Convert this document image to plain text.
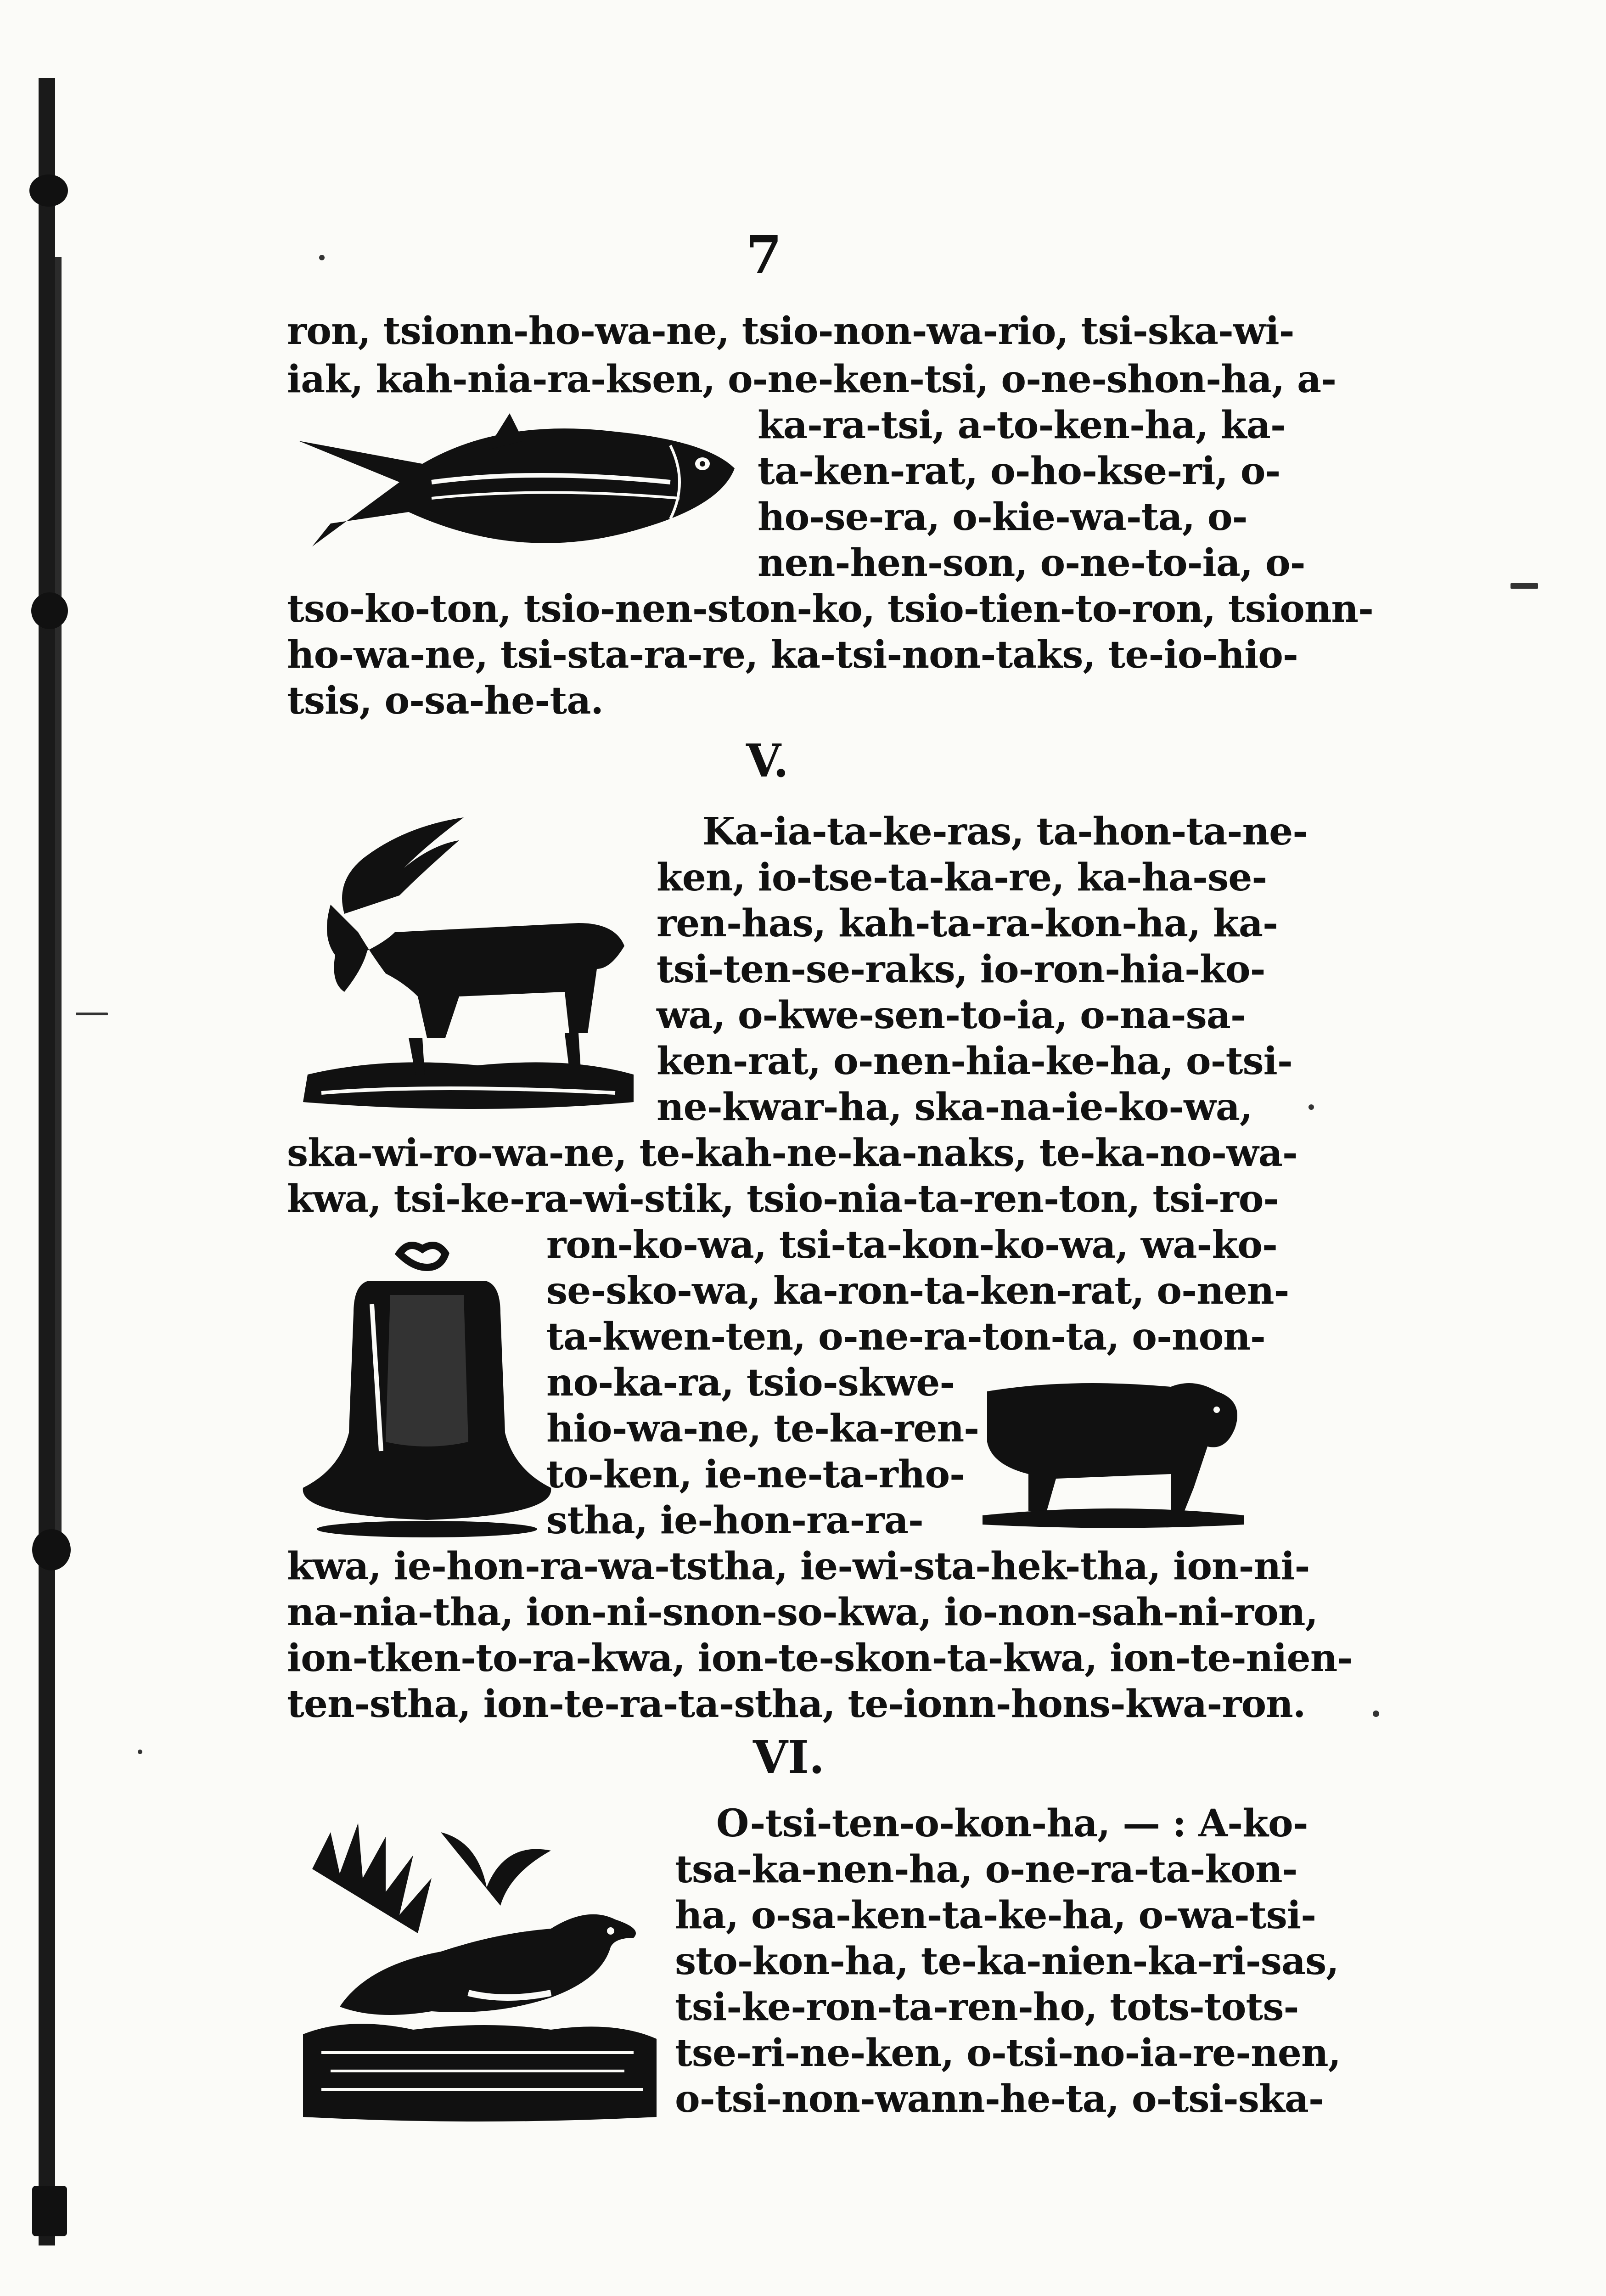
7
ron, tsionn-ho-wa-ne, tsio-non-wa-rio, tsi-ska-wi-
iak, kah-nia-ra-ksen, o-ne-ken-tsi, o-ne-shon-ha, a-
ka-ra-tsi, a-to-ken-ha, ka-
ta-ken-rat, o-ho-kse-ri, o-
ho-se-ra, o-kie-wa-ta, o-
nen-hen-son, o-ne-to-ia, o-
tso-ko-ton, tsio-nen-ston-ko, tsio-tien-to-ron, tsionn-
ho-wa-ne, tsi-sta-ra-re, ka-tsi-non-taks, te-io-hio-
tsis, o-sa-he-ta.
V.
Ka-ia-ta-ke-ras, ta-hon-ta-ne-
ken, io-tse-ta-ka-re, ka-ha-se-
ren-has, kah-ta-ra-kon-ha, ka-
tsi-ten-se-raks, io-ron-hia-ko-
wa, o-kwe-sen-to-ia, o-na-sa-
ken-rat, o-nen-hia-ke-ha, o-tsi-
ne-kwar-ha, ska-na-ie-ko-wa,
ska-wi-ro-wa-ne, te-kah-ne-ka-naks, te-ka-no-wa-
kwa, tsi-ke-ra-wi-stik, tsio-nia-ta-ren-ton, tsi-ro-
ron-ko-wa, tsi-ta-kon-ko-wa, wa-ko-
se-sko-wa, ka-ron-ta-ken-rat, o-nen-
ta-kwen-ten, o-ne-ra-ton-ta, o-non-
no-ka-ra, tsio-skwe-
hio-wa-ne, te-ka-ren-
to-ken, ie-ne-ta-rho-
stha, ie-hon-ra-ra-
kwa, ie-hon-ra-wa-tstha, ie-wi-sta-hek-tha, ion-ni-
na-nia-tha, ion-ni-snon-so-kwa, io-non-sah-ni-ron,
ion-tken-to-ra-kwa, ion-te-skon-ta-kwa, ion-te-nien-
ten-stha, ion-te-ra-ta-stha, te-ionn-hons-kwa-ron.
VI.
O-tsi-ten-o-kon-ha, — : A-ko-
tsa-ka-nen-ha, o-ne-ra-ta-kon-
ha, o-sa-ken-ta-ke-ha, o-wa-tsi-
sto-kon-ha, te-ka-nien-ka-ri-sas,
tsi-ke-ron-ta-ren-ho, tots-tots-
tse-ri-ne-ken, o-tsi-no-ia-re-nen,
o-tsi-non-wann-he-ta, o-tsi-ska-
